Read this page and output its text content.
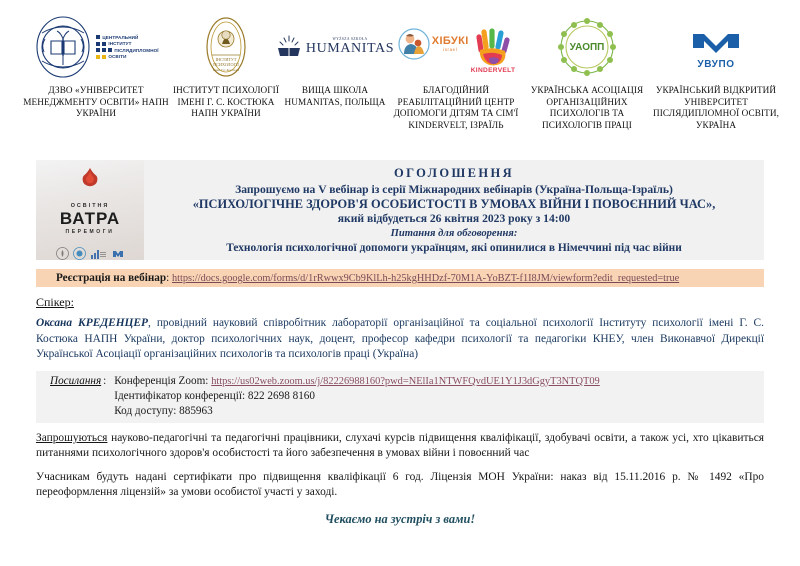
ЦЕНТРАЛЬНИЙ
ІНСТИТУТ
ПІСЛЯДИПЛОМНОЇ
ОСВІТИ
ДЗВО «УНІВЕРСИТЕТ МЕНЕДЖМЕНТУ ОСВІТИ» НАПН УКРАЇНИ
ІНСТИТУТ
ПСИХОЛОГІЇ
імені Г.С.Костюка
ІНСТИТУТ ПСИХОЛОГІЇ ІМЕНІ Г. С. КОСТЮКА НАПН УКРАЇНИ
WYŻSZA SZKOŁA
HUMANITAS
ВИЩА ШКОЛА HUMANITAS, ПОЛЬЩА
ХІБУКІ
israel
KINDERVELT
БЛАГОДІЙНИЙ РЕАБІЛІТАЦІЙНИЙ ЦЕНТР ДОПОМОГИ ДІТЯМ ТА СІМ'Ї KINDERVELT, ІЗРАЇЛЬ
УАОПП
УКРАЇНСЬКА АСОЦІАЦІЯ ОРГАНІЗАЦІЙНИХ ПСИХОЛОГІВ ТА ПСИХОЛОГІВ ПРАЦІ
УВУПО
УКРАЇНСЬКИЙ ВІДКРИТИЙ УНІВЕРСИТЕТ ПІСЛЯДИПЛОМНОЇ ОСВІТИ, УКРАЇНА
ОСВІТНЯ
ВАТРА
ПЕРЕМОГИ
ОГОЛОШЕННЯ
Запрошуємо на V вебінар із серії Міжнародних вебінарів (Україна-Польща-Ізраїль)
«ПСИХОЛОГІЧНЕ ЗДОРОВ'Я ОСОБИСТОСТІ В УМОВАХ ВІЙНИ І ПОВОЄННИЙ ЧАС»,
який відбудеться 26 квітня 2023 року з 14:00
Питання для обговорення:
Технологія психологічної допомоги українцям, які опинилися в Німеччині під час війни
Реєстрація на вебінар: https://docs.google.com/forms/d/1rRwwx9Cb9KlLh-h25kgHHDzf-70M1A-YoBZT-f1I8JM/viewform?edit_requested=true
Спікер:
Оксана КРЕДЕНЦЕР, провідний науковий співробітник лабораторії організаційної та соціальної психології Інституту психології імені Г. С. Костюка НАПН України, доктор психологічних наук, доцент, професор кафедри психології та педагогіки КНЕУ, член Виконавчої Дирекції Української Асоціації організаційних психологів та психологів праці (Україна)
Посилання : Конференція Zoom: https://us02web.zoom.us/j/82226988160?pwd=NElIa1NTWFQvdUE1Y1J3dGgyT3NTQT09
Ідентифікатор конференції: 822 2698 8160
Код доступу: 885963
Запрошуються науково-педагогічні та педагогічні працівники, слухачі курсів підвищення кваліфікації, здобувачі освіти, а також усі, хто цікавиться питаннями психологічного здоров'я особистості та його забезпечення в умовах війни і повоєнний час
Учасникам будуть надані сертифікати про підвищення кваліфікації 6 год. Ліцензія МОН України: наказ від 15.11.2016 р. № 1492 «Про переоформлення ліцензій» за умови особистої участі у заході.
Чекаємо на зустріч з вами!
